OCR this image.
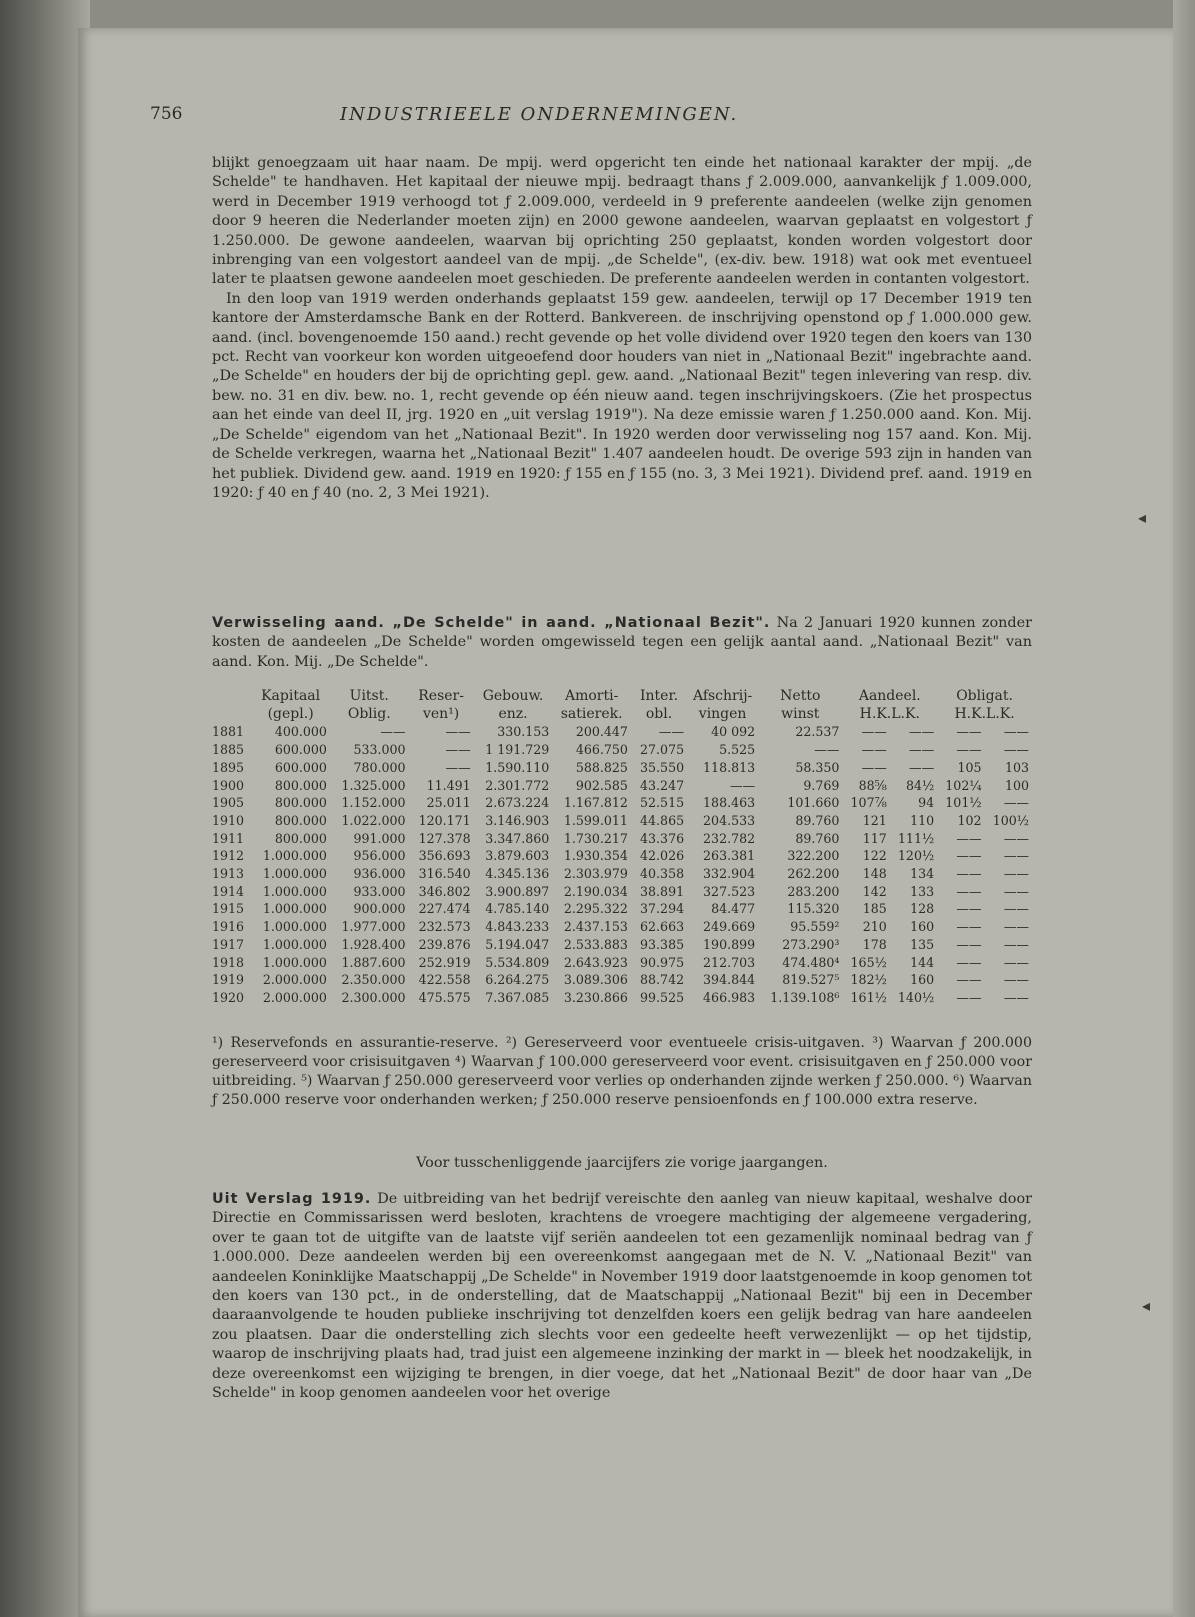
756	INDUSTRIEELE ONDERNEMINGEN.

blijkt genoegzaam uit haar naam. De mpij. werd opgericht ten einde het nationaal karakter der mpij. „de Schelde" te handhaven. Het kapitaal der nieuwe mpij. bedraagt thans ƒ 2.009.000, aanvankelijk ƒ 1.009.000, werd in December 1919 verhoogd tot ƒ 2.009.000, verdeeld in 9 preferente aandeelen (welke zijn genomen door 9 heeren die Nederlander moeten zijn) en 2000 gewone aandeelen, waarvan geplaatst en volgestort ƒ 1.250.000. De gewone aandeelen, waarvan bij oprichting 250 geplaatst, konden worden volgestort door inbrenging van een volgestort aandeel van de mpij. „de Schelde", (ex-div. bew. 1918) wat ook met eventueel later te plaatsen gewone aandeelen moet geschieden. De preferente aandeelen werden in contanten volgestort.

In den loop van 1919 werden onderhands geplaatst 159 gew. aandeelen, terwijl op 17 December 1919 ten kantore der Amsterdamsche Bank en der Rotterd. Bankvereen. de inschrijving openstond op ƒ 1.000.000 gew. aand. (incl. bovengenoemde 150 aand.) recht gevende op het volle dividend over 1920 tegen den koers van 130 pct. Recht van voorkeur kon worden uitgeoefend door houders van niet in „Nationaal Bezit" ingebrachte aand. „De Schelde" en houders der bij de oprichting gepl. gew. aand. „Nationaal Bezit" tegen inlevering van resp. div. bew. no. 31 en div. bew. no. 1, recht gevende op één nieuw aand. tegen inschrijvingskoers. (Zie het prospectus aan het einde van deel II, jrg. 1920 en „uit verslag 1919"). Na deze emissie waren ƒ 1.250.000 aand. Kon. Mij. „De Schelde" eigendom van het „Nationaal Bezit". In 1920 werden door verwisseling nog 157 aand. Kon. Mij. de Schelde verkregen, waarna het „Nationaal Bezit" 1.407 aandeelen houdt. De overige 593 zijn in handen van het publiek. Dividend gew. aand. 1919 en 1920: ƒ 155 en ƒ 155 (no. 3, 3 Mei 1921). Dividend pref. aand. 1919 en 1920: ƒ 40 en ƒ 40 (no. 2, 3 Mei 1921).

Verwisseling aand. „De Schelde" in aand. „Nationaal Bezit". Na 2 Januari 1920 kunnen zonder kosten de aandeelen „De Schelde" worden omgewisseld tegen een gelijk aantal aand. „Nationaal Bezit" van aand. Kon. Mij. „De Schelde".

	Kapitaal	Uitst.	Reser-	Gebouw.	Amorti-	Inter.	Afschrij-	Netto	Aandeel.		Obligat.	
	(gepl.)	Oblig.	ven¹)	enz.	satierek.	obl.	vingen	winst	H.K.L.K.		H.K.L.K.	
1881	400.000	——	——	330.153	200.447	——	40 092	22.537	——	——	——	——
1885	600.000	533.000	——	1 191.729	466.750	27.075	5.525	——	——	——	——	——
1895	600.000	780.000	——	1.590.110	588.825	35.550	118.813	58.350	——	——	105	103
1900	800.000	1.325.000	11.491	2.301.772	902.585	43.247	——	9.769	88⅝	84½	102¼	100
1905	800.000	1.152.000	25.011	2.673.224	1.167.812	52.515	188.463	101.660	107⅞	94	101½	——
1910	800.000	1.022.000	120.171	3.146.903	1.599.011	44.865	204.533	89.760	121	110	102	100½
1911	800.000	991.000	127.378	3.347.860	1.730.217	43.376	232.782	89.760	117	111½	——	——
1912	1.000.000	956.000	356.693	3.879.603	1.930.354	42.026	263.381	322.200	122	120½	——	——
1913	1.000.000	936.000	316.540	4.345.136	2.303.979	40.358	332.904	262.200	148	134	——	——
1914	1.000.000	933.000	346.802	3.900.897	2.190.034	38.891	327.523	283.200	142	133	——	——
1915	1.000.000	900.000	227.474	4.785.140	2.295.322	37.294	84.477	115.320	185	128	——	——
1916	1.000.000	1.977.000	232.573	4.843.233	2.437.153	62.663	249.669	95.559²	210	160	——	——
1917	1.000.000	1.928.400	239.876	5.194.047	2.533.883	93.385	190.899	273.290³	178	135	——	——
1918	1.000.000	1.887.600	252.919	5.534.809	2.643.923	90.975	212.703	474.480⁴	165½	144	——	——
1919	2.000.000	2.350.000	422.558	6.264.275	3.089.306	88.742	394.844	819.527⁵	182½	160	——	——
1920	2.000.000	2.300.000	475.575	7.367.085	3.230.866	99.525	466.983	1.139.108⁶	161½	140½	——	——
¹) Reservefonds en assurantie-reserve. ²) Gereserveerd voor eventueele crisis-uitgaven. ³) Waarvan ƒ 200.000 gereserveerd voor crisisuitgaven ⁴) Waarvan ƒ 100.000 gereserveerd voor event. crisisuitgaven en ƒ 250.000 voor uitbreiding. ⁵) Waarvan ƒ 250.000 gereserveerd voor verlies op onderhanden zijnde werken ƒ 250.000. ⁶) Waarvan ƒ 250.000 reserve voor onderhanden werken; ƒ 250.000 reserve pensioenfonds en ƒ 100.000 extra reserve.
Voor tusschenliggende jaarcijfers zie vorige jaargangen.

Uit Verslag 1919. De uitbreiding van het bedrijf vereischte den aanleg van nieuw kapitaal, weshalve door Directie en Commissarissen werd besloten, krachtens de vroegere machtiging der algemeene vergadering, over te gaan tot de uitgifte van de laatste vijf seriën aandeelen tot een gezamenlijk nominaal bedrag van ƒ 1.000.000. Deze aandeelen werden bij een overeenkomst aangegaan met de N. V. „Nationaal Bezit" van aandeelen Koninklijke Maatschappij „De Schelde" in November 1919 door laatstgenoemde in koop genomen tot den koers van 130 pct., in de onderstelling, dat de Maatschappij „Nationaal Bezit" bij een in December daaraanvolgende te houden publieke inschrijving tot denzelfden koers een gelijk bedrag van hare aandeelen zou plaatsen. Daar die onderstelling zich slechts voor een gedeelte heeft verwezenlijkt — op het tijdstip, waarop de inschrijving plaats had, trad juist een algemeene inzinking der markt in — bleek het noodzakelijk, in deze overeenkomst een wijziging te brengen, in dier voege, dat het „Nationaal Bezit" de door haar van „De Schelde" in koop genomen aandeelen voor het overige

◂
◂
